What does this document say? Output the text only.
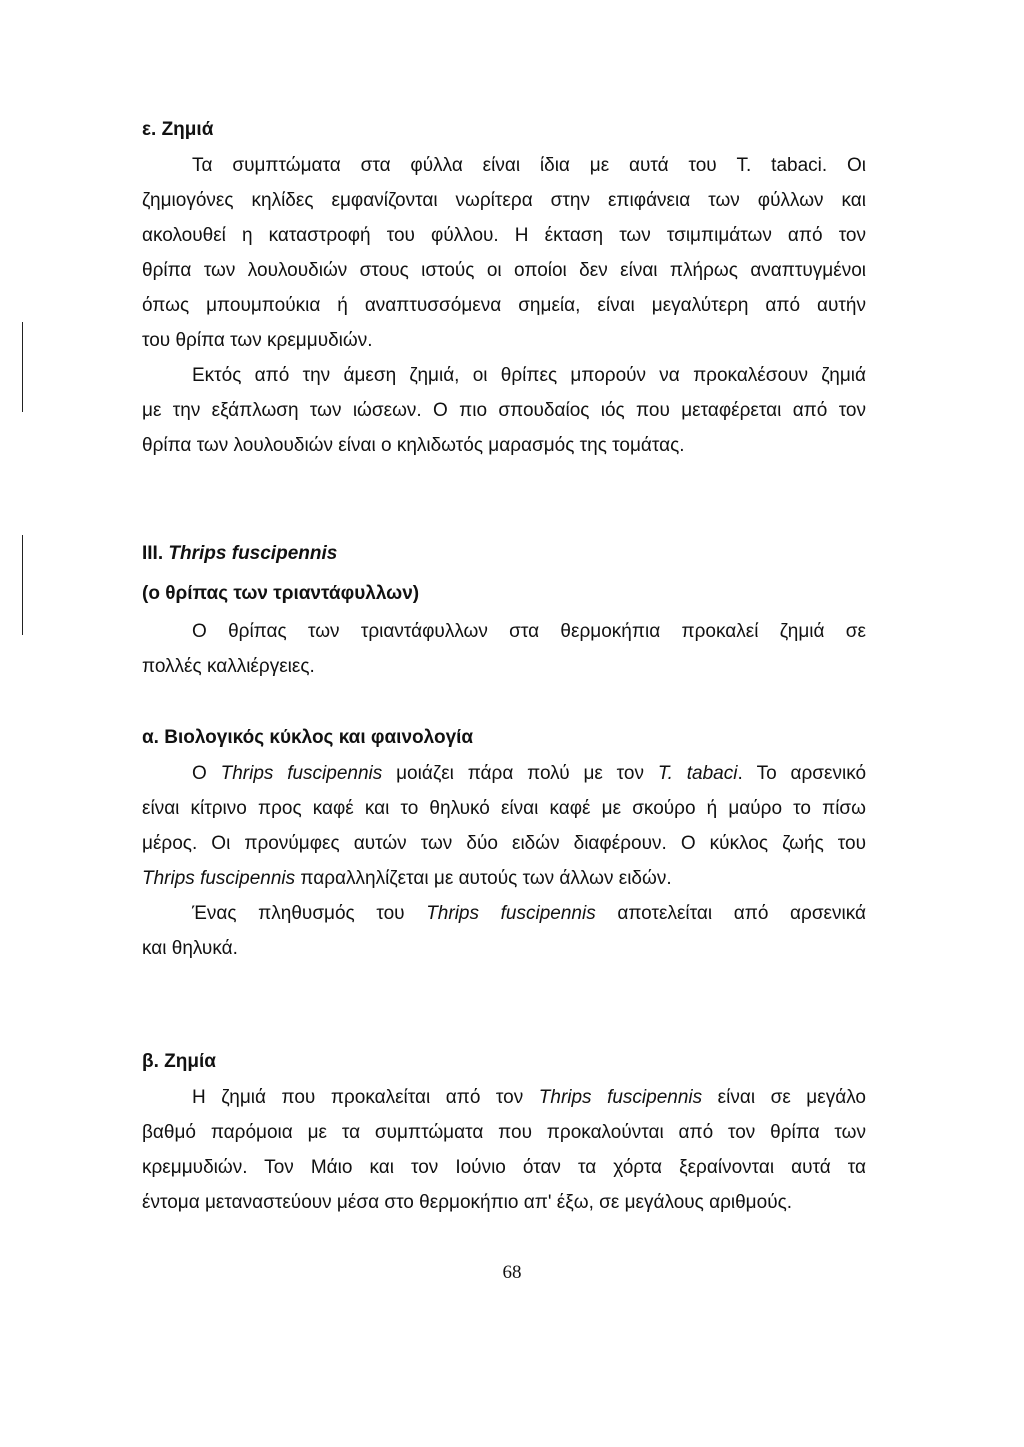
ε. Ζημιά
Τα συμπτώματα στα φύλλα είναι ίδια με αυτά του T. tabaci. Οι
ζημιογόνες κηλίδες εμφανίζονται νωρίτερα στην επιφάνεια των φύλλων και
ακολουθεί η καταστροφή του φύλλου. Η έκταση των τσιμπιμάτων από τον
θρίπα των λουλουδιών στους ιστούς οι οποίοι δεν είναι πλήρως αναπτυγμένοι
όπως μπουμπούκια ή αναπτυσσόμενα σημεία, είναι μεγαλύτερη από αυτήν
του θρίπα των κρεμμυδιών.
Εκτός από την άμεση ζημιά, οι θρίπες μπορούν να προκαλέσουν ζημιά
με την εξάπλωση των ιώσεων. Ο πιο σπουδαίος ιός που μεταφέρεται από τον
θρίπα των λουλουδιών είναι ο κηλιδωτός μαρασμός της τομάτας.
III. Thrips fuscipennis
(ο θρίπας των τριαντάφυλλων)
Ο θρίπας των τριαντάφυλλων στα θερμοκήπια προκαλεί ζημιά σε
πολλές καλλιέργειες.
α. Βιολογικός κύκλος και φαινολογία
Ο Thrips fuscipennis μοιάζει πάρα πολύ με τον T. tabaci. Το αρσενικό
είναι κίτρινο προς καφέ και το θηλυκό είναι καφέ με σκούρο ή μαύρο το πίσω
μέρος. Οι προνύμφες αυτών των δύο ειδών διαφέρουν. Ο κύκλος ζωής του
Thrips fuscipennis παραλληλίζεται με αυτούς των άλλων ειδών.
Ένας πληθυσμός του Thrips fuscipennis αποτελείται από αρσενικά
και θηλυκά.
β. Ζημία
Η ζημιά που προκαλείται από τον Thrips fuscipennis είναι σε μεγάλο
βαθμό παρόμοια με τα συμπτώματα που προκαλούνται από τον θρίπα των
κρεμμυδιών. Τον Μάιο και τον Ιούνιο όταν τα χόρτα ξεραίνονται αυτά τα
έντομα μεταναστεύουν μέσα στο θερμοκήπιο απ' έξω, σε μεγάλους αριθμούς.
68
